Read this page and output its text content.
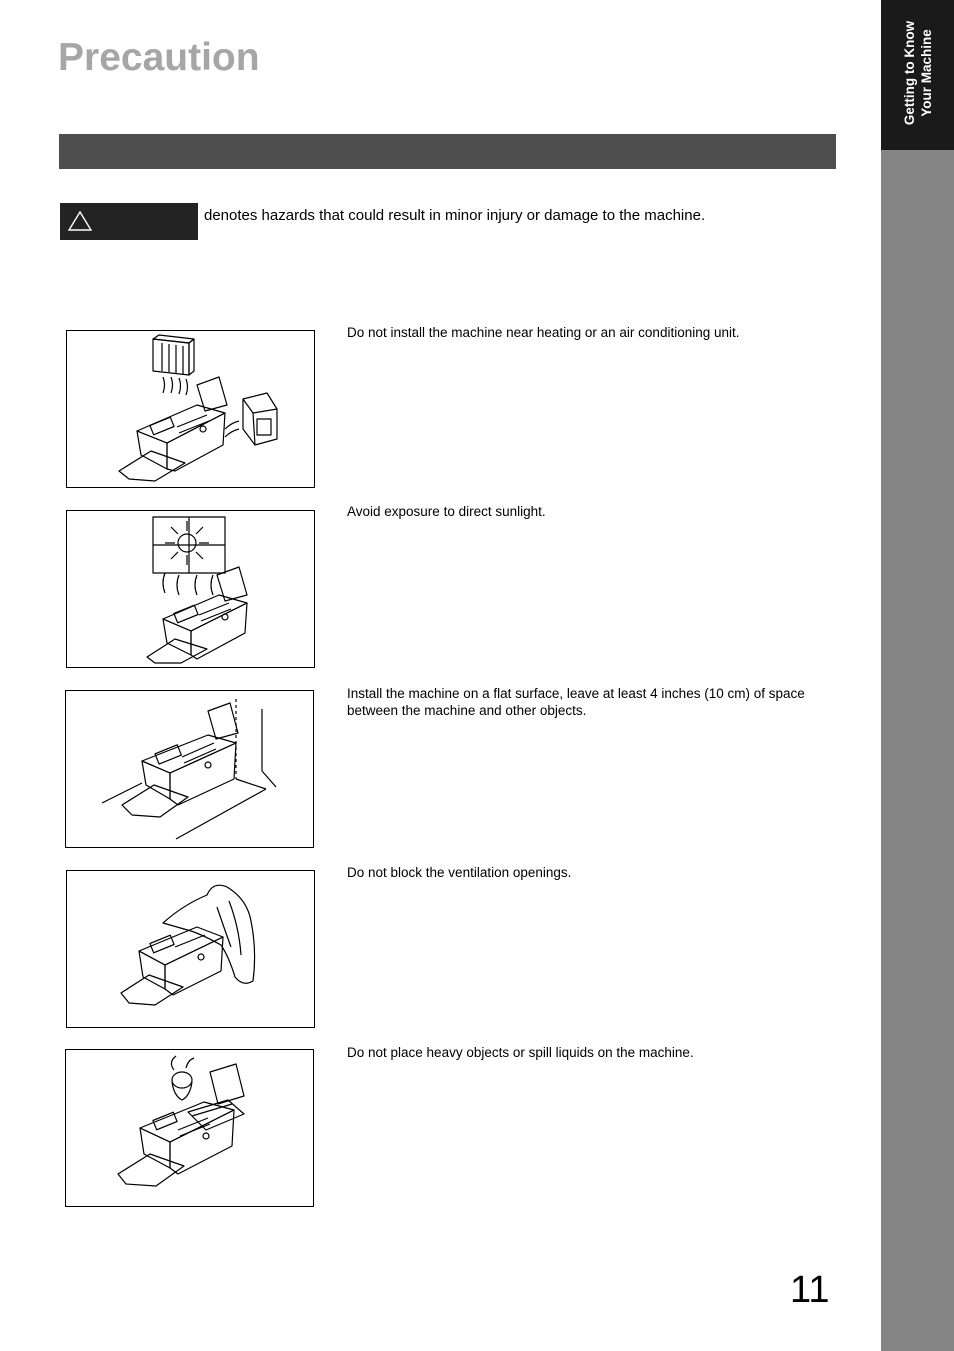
Getting to Know Your Machine
Precaution
denotes hazards that could result in minor injury or damage to the machine.
Do not install the machine near heating or an air conditioning unit.
Avoid exposure to direct sunlight.
Install the machine on a flat surface, leave at least 4 inches (10 cm) of space between the machine and other objects.
Do not block the ventilation openings.
Do not place heavy objects or spill liquids on the machine.
11
